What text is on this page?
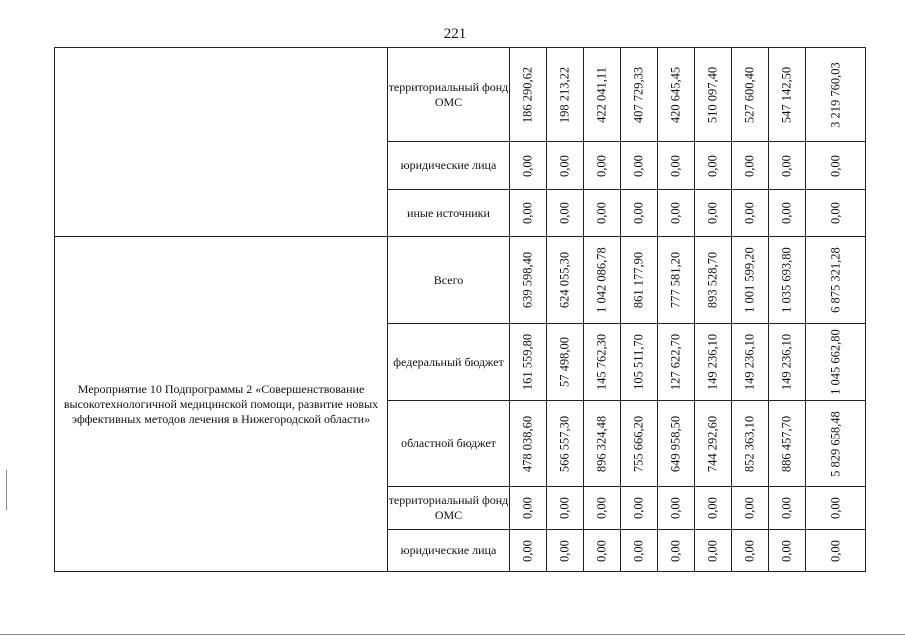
221
	территориальный фонд ОМС	186 290,62	198 213,22	422 041,11	407 729,33	420 645,45	510 097,40	527 600,40	547 142,50	3 219 760,03

	юридические лица	0,00	0,00	0,00	0,00	0,00	0,00	0,00	0,00	0,00

	иные источники	0,00	0,00	0,00	0,00	0,00	0,00	0,00	0,00	0,00

Мероприятие 10 Подпрограммы 2 «Совершенствование высокотехнологичной медицинской помощи, развитие новых эффективных методов лечения в Нижегородской области»	Всего	639 598,40	624 055,30	1 042 086,78	861 177,90	777 581,20	893 528,70	1 001 599,20	1 035 693,80	6 875 321,28

	федеральный бюджет	161 559,80	57 498,00	145 762,30	105 511,70	127 622,70	149 236,10	149 236,10	149 236,10	1 045 662,80

	областной бюджет	478 038,60	566 557,30	896 324,48	755 666,20	649 958,50	744 292,60	852 363,10	886 457,70	5 829 658,48

	территориальный фонд ОМС	0,00	0,00	0,00	0,00	0,00	0,00	0,00	0,00	0,00

	юридические лица	0,00	0,00	0,00	0,00	0,00	0,00	0,00	0,00	0,00
